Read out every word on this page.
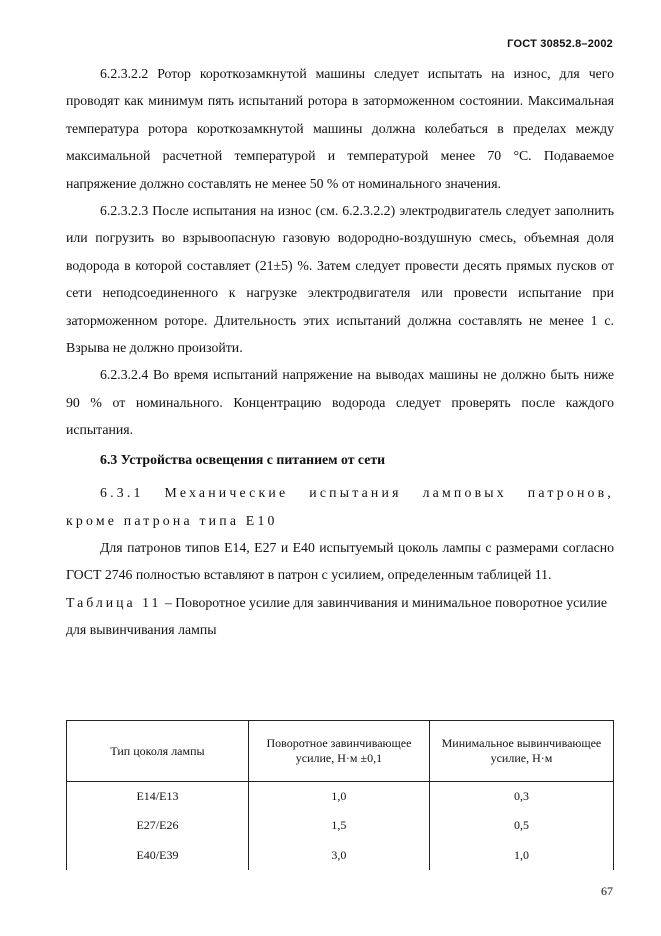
ГОСТ 30852.8–2002

6.2.3.2.2 Ротор короткозамкнутой машины следует испытать на износ, для чего проводят как минимум пять испытаний ротора в заторможенном состоянии. Максимальная температура ротора короткозамкнутой машины должна колебаться в пределах между максимальной расчетной температурой и температурой менее 70 °С. Подаваемое напряжение должно составлять не менее 50 % от номинального значения.

6.2.3.2.3 После испытания на износ (см. 6.2.3.2.2) электродвигатель следует заполнить или погрузить во взрывоопасную газовую водородно-воздушную смесь, объемная доля водорода в которой составляет (21±5) %. Затем следует провести десять прямых пусков от сети неподсоединенного к нагрузке электродвигателя или провести испытание при заторможенном роторе. Длительность этих испытаний должна составлять не менее 1 с. Взрыва не должно произойти.

6.2.3.2.4 Во время испытаний напряжение на выводах машины не должно быть ниже 90 % от номинального. Концентрацию водорода следует проверять после каждого испытания.

6.3 Устройства освещения с питанием от сети

6.3.1 Механические испытания ламповых патронов, кроме патрона типа Е10

Для патронов типов Е14, Е27 и Е40 испытуемый цоколь лампы с размерами согласно ГОСТ 2746 полностью вставляют в патрон с усилием, определенным таблицей 11.

Таблица 11 – Поворотное усилие для завинчивания и минимальное поворотное усилие для вывинчивания лампы

Тип цоколя лампы	Поворотное завинчивающее усилие, Н·м ±0,1	Минимальное вывинчивающее усилие, Н·м
Е14/Е13	1,0	0,3
Е27/Е26	1,5	0,5
Е40/Е39	3,0	1,0
67
